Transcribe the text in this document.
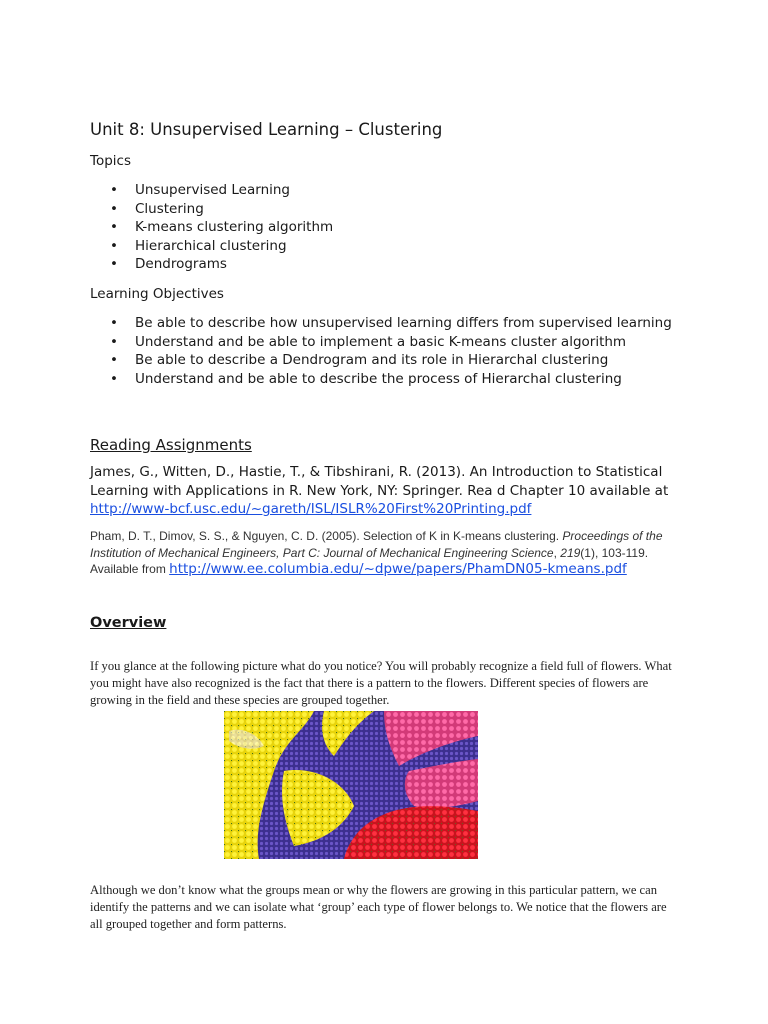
Unit 8: Unsupervised Learning – Clustering

Topics

• Unsupervised Learning
• Clustering
• K-means clustering algorithm
• Hierarchical clustering
• Dendrograms

Learning Objectives

• Be able to describe how unsupervised learning differs from supervised learning
• Understand and be able to implement a basic K-means cluster algorithm
• Be able to describe a Dendrogram and its role in Hierarchal clustering
• Understand and be able to describe the process of Hierarchal clustering
Reading Assignments
James, G., Witten, D., Hastie, T., & Tibshirani, R. (2013). An Introduction to Statistical Learning with Applications in R. New York, NY: Springer. Rea d Chapter 10 available at http://www-bcf.usc.edu/~gareth/ISL/ISLR%20First%20Printing.pdf
Pham, D. T., Dimov, S. S., & Nguyen, C. D. (2005). Selection of K in K-means clustering. Proceedings of the Institution of Mechanical Engineers, Part C: Journal of Mechanical Engineering Science, 219(1), 103-119. Available from http://www.ee.columbia.edu/~dpwe/papers/PhamDN05-kmeans.pdf
Overview

If you glance at the following picture what do you notice? You will probably recognize a field full of flowers. What you might have also recognized is the fact that there is a pattern to the flowers. Different species of flowers are growing in the field and these species are grouped together.

Although we don’t know what the groups mean or why the flowers are growing in this particular pattern, we can identify the patterns and we can isolate what ‘group’ each type of flower belongs to. We notice that the flowers are all grouped together and form patterns.
